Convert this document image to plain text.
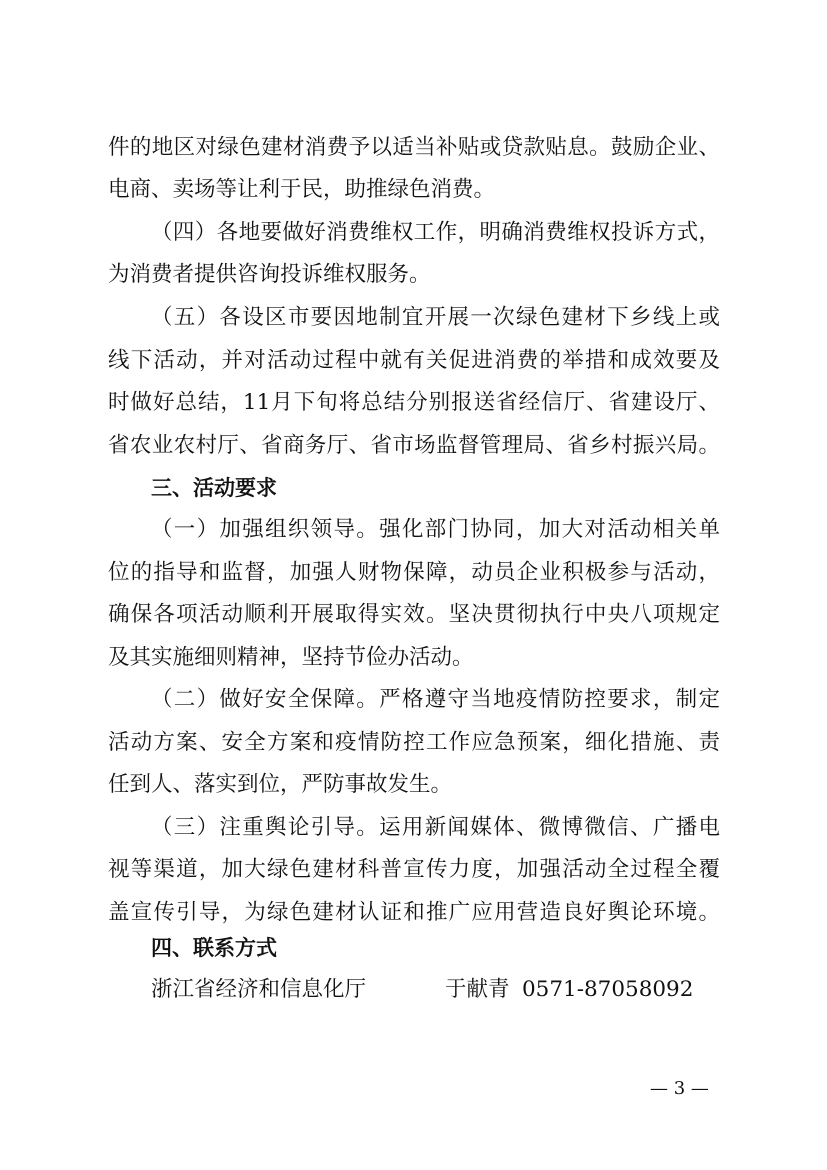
件的地区对绿色建材消费予以适当补贴或贷款贴息。鼓励企业、
电商、卖场等让利于民，助推绿色消费。
（四）各地要做好消费维权工作，明确消费维权投诉方式，
为消费者提供咨询投诉维权服务。
（五）各设区市要因地制宜开展一次绿色建材下乡线上或
线下活动，并对活动过程中就有关促进消费的举措和成效要及
时做好总结，11月下旬将总结分别报送省经信厅、省建设厅、
省农业农村厅、省商务厅、省市场监督管理局、省乡村振兴局。
三、活动要求
（一）加强组织领导。强化部门协同，加大对活动相关单
位的指导和监督，加强人财物保障，动员企业积极参与活动，
确保各项活动顺利开展取得实效。坚决贯彻执行中央八项规定
及其实施细则精神，坚持节俭办活动。
（二）做好安全保障。严格遵守当地疫情防控要求，制定
活动方案、安全方案和疫情防控工作应急预案，细化措施、责
任到人、落实到位，严防事故发生。
（三）注重舆论引导。运用新闻媒体、微博微信、广播电
视等渠道，加大绿色建材科普宣传力度，加强活动全过程全覆
盖宣传引导，为绿色建材认证和推广应用营造良好舆论环境。
四、联系方式
浙江省经济和信息化厅	于献青 0571-87058092
— 3 —
